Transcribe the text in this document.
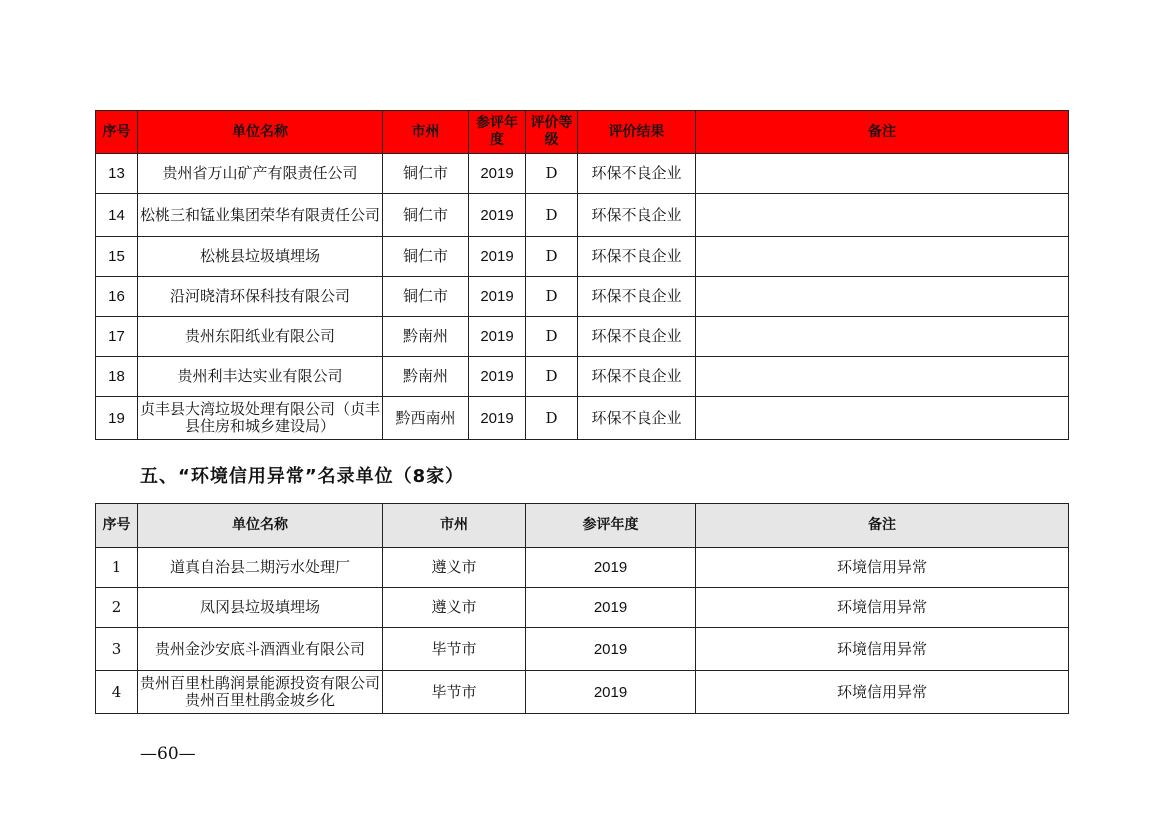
序号	单位名称	市州	参评年度	评价等级	评价结果	备注
13	贵州省万山矿产有限责任公司	铜仁市	2019	D	环保不良企业	
14	松桃三和锰业集团荣华有限责任公司	铜仁市	2019	D	环保不良企业	
15	松桃县垃圾填埋场	铜仁市	2019	D	环保不良企业	
16	沿河晓清环保科技有限公司	铜仁市	2019	D	环保不良企业	
17	贵州东阳纸业有限公司	黔南州	2019	D	环保不良企业	
18	贵州利丰达实业有限公司	黔南州	2019	D	环保不良企业	
19	贞丰县大湾垃圾处理有限公司（贞丰县住房和城乡建设局）	黔西南州	2019	D	环保不良企业	
五、“环境信用异常”名录单位（8家）
序号	单位名称	市州	参评年度	备注
1	道真自治县二期污水处理厂	遵义市	2019	环境信用异常
2	凤冈县垃圾填埋场	遵义市	2019	环境信用异常
3	贵州金沙安底斗酒酒业有限公司	毕节市	2019	环境信用异常
4	贵州百里杜鹃润景能源投资有限公司贵州百里杜鹃金坡乡化	毕节市	2019	环境信用异常
—60—
